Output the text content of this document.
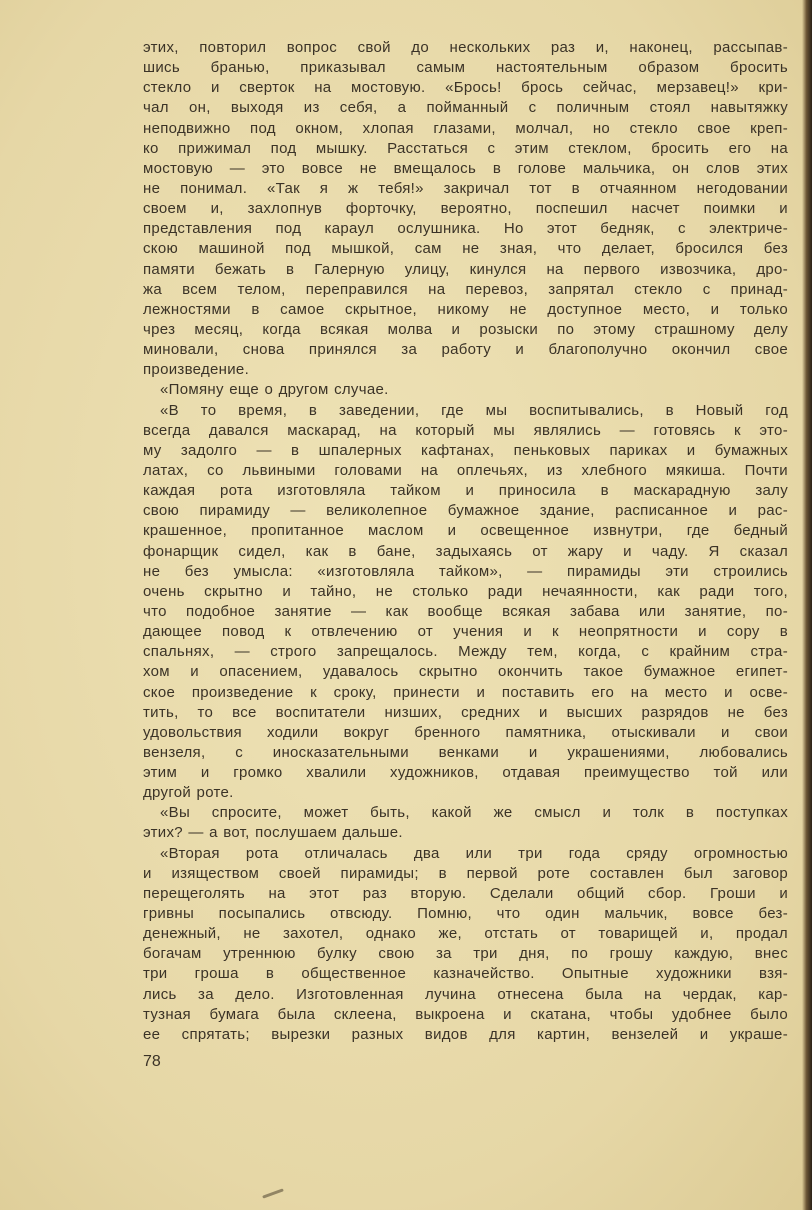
этих, повторил вопрос свой до нескольких раз и, наконец, рассыпав-
шись бранью, приказывал самым настоятельным образом бросить
стекло и сверток на мостовую. «Брось! брось сейчас, мерзавец!» кри-
чал он, выходя из себя, а пойманный с поличным стоял навытяжку
неподвижно под окном, хлопая глазами, молчал, но стекло свое креп-
ко прижимал под мышку. Расстаться с этим стеклом, бросить его на
мостовую — это вовсе не вмещалось в голове мальчика, он слов этих
не понимал. «Так я ж тебя!» закричал тот в отчаянном негодовании
своем и, захлопнув форточку, вероятно, поспешил насчет поимки и
представления под караул ослушника. Но этот бедняк, с электриче-
скою машиной под мышкой, сам не зная, что делает, бросился без
памяти бежать в Галерную улицу, кинулся на первого извозчика, дро-
жа всем телом, переправился на перевоз, запрятал стекло с принад-
лежностями в самое скрытное, никому не доступное место, и только
чрез месяц, когда всякая молва и розыски по этому страшному делу
миновали, снова принялся за работу и благополучно окончил свое
произведение.
«Помяну еще о другом случае.
«В то время, в заведении, где мы воспитывались, в Новый год
всегда давался маскарад, на который мы являлись — готовясь к это-
му задолго — в шпалерных кафтанах, пеньковых париках и бумажных
латах, со львиными головами на оплечьях, из хлебного мякиша. Почти
каждая рота изготовляла тайком и приносила в маскарадную залу
свою пирамиду — великолепное бумажное здание, расписанное и рас-
крашенное, пропитанное маслом и освещенное извнутри, где бедный
фонарщик сидел, как в бане, задыхаясь от жару и чаду. Я сказал
не без умысла: «изготовляла тайком», — пирамиды эти строились
очень скрытно и тайно, не столько ради нечаянности, как ради того,
что подобное занятие — как вообще всякая забава или занятие, по-
дающее повод к отвлечению от учения и к неопрятности и сору в
спальнях, — строго запрещалось. Между тем, когда, с крайним стра-
хом и опасением, удавалось скрытно окончить такое бумажное египет-
ское произведение к сроку, принести и поставить его на место и осве-
тить, то все воспитатели низших, средних и высших разрядов не без
удовольствия ходили вокруг бренного памятника, отыскивали и свои
вензеля, с иносказательными венками и украшениями, любовались
этим и громко хвалили художников, отдавая преимущество той или
другой роте.
«Вы спросите, может быть, какой же смысл и толк в поступках
этих? — а вот, послушаем дальше.
«Вторая рота отличалась два или три года сряду огромностью
и изяществом своей пирамиды; в первой роте составлен был заговор
перещеголять на этот раз вторую. Сделали общий сбор. Гроши и
гривны посыпались отвсюду. Помню, что один мальчик, вовсе без-
денежный, не захотел, однако же, отстать от товарищей и, продал
богачам утреннюю булку свою за три дня, по грошу каждую, внес
три гроша в общественное казначейство. Опытные художники взя-
лись за дело. Изготовленная лучина отнесена была на чердак, кар-
тузная бумага была склеена, выкроена и скатана, чтобы удобнее было
ее спрятать; вырезки разных видов для картин, вензелей и украше-
78
